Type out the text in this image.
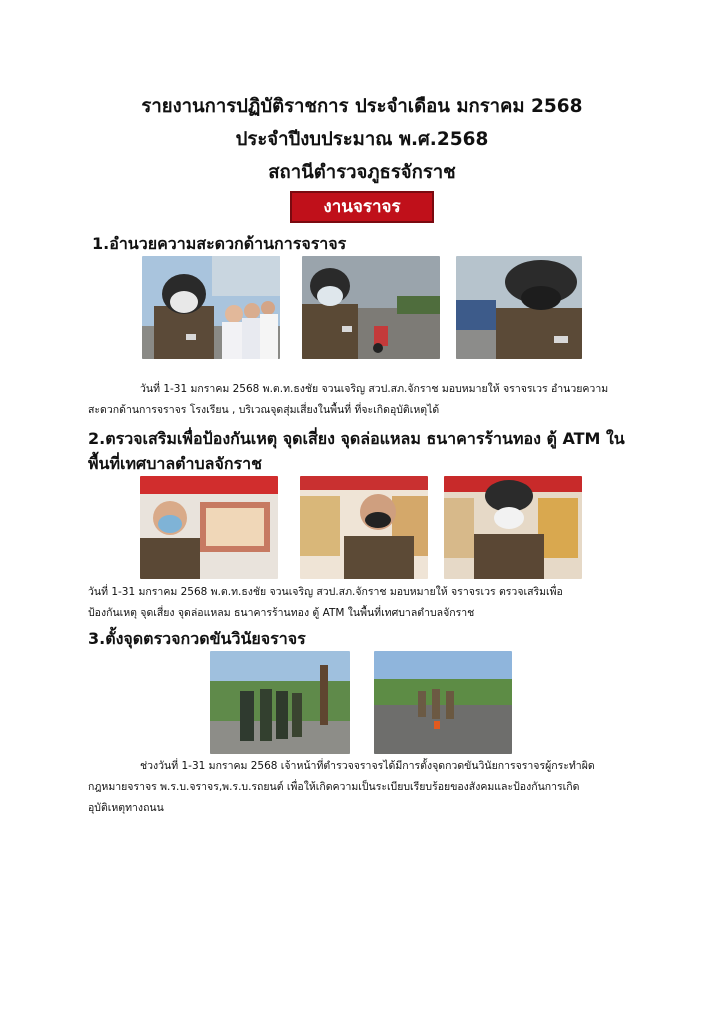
รายงานการปฏิบัติราชการ ประจำเดือน มกราคม 2568
ประจำปีงบประมาณ พ.ศ.2568
สถานีตำรวจภูธรจักราช
งานจราจร
1.อำนวยความสะดวกด้านการจราจร
วันที่ 1-31 มกราคม 2568 พ.ต.ท.ธงชัย จวนเจริญ สวป.สภ.จักราช มอบหมายให้ จราจรเวร อำนวยความ
สะดวกด้านการจราจร โรงเรียน , บริเวณจุดสุ่มเสี่ยงในพื้นที่ ที่จะเกิดอุบัติเหตุได้
2.ตรวจเสริมเพื่อป้องกันเหตุ จุดเสี่ยง จุดล่อแหลม ธนาคารร้านทอง ตู้ ATM ใน
พื้นที่เทศบาลตำบลจักราช
วันที่ 1-31 มกราคม 2568 พ.ต.ท.ธงชัย จวนเจริญ สวป.สภ.จักราช มอบหมายให้ จราจรเวร ตรวจเสริมเพื่อ
ป้องกันเหตุ จุดเสี่ยง จุดล่อแหลม ธนาคารร้านทอง ตู้ ATM ในพื้นที่เทศบาลตำบลจักราช
3.ตั้งจุดตรวจกวดขันวินัยจราจร
ช่วงวันที่ 1-31 มกราคม 2568 เจ้าหน้าที่ตำรวจจราจรได้มีการตั้งจุดกวดขันวินัยการจราจรผู้กระทำผิด
กฎหมายจราจร พ.ร.บ.จราจร,พ.ร.บ.รถยนต์ เพื่อให้เกิดความเป็นระเบียบเรียบร้อยของสังคมและป้องกันการเกิด
อุบัติเหตุทางถนน
